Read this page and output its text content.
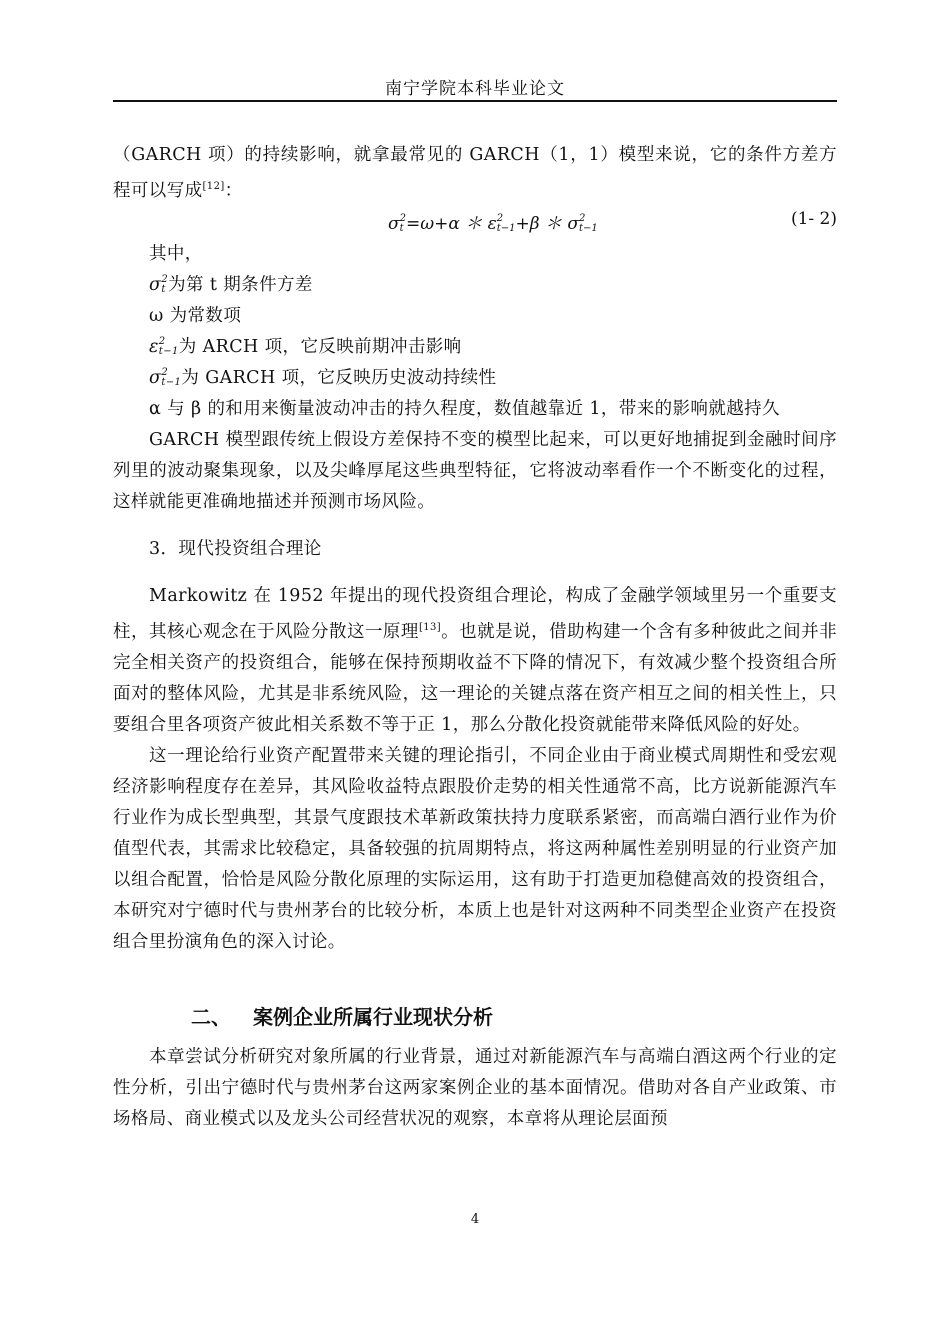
南宁学院本科毕业论文

（GARCH 项）的持续影响，就拿最常见的 GARCH（1，1）模型来说，它的条件方差方程可以写成[12]：

σ 2
t =ω+α ＊ ε 2
t−1 +β ＊ σ 2
t−1	(1- 2)

其中，

σ 2
t 为第 t 期条件方差

ω 为常数项

ε 2
t−1 为 ARCH 项，它反映前期冲击影响

σ 2
t−1 为 GARCH 项，它反映历史波动持续性

α 与 β 的和用来衡量波动冲击的持久程度，数值越靠近 1，带来的影响就越持久

GARCH 模型跟传统上假设方差保持不变的模型比起来，可以更好地捕捉到金融时间序列里的波动聚集现象，以及尖峰厚尾这些典型特征，它将波动率看作一个不断变化的过程，这样就能更准确地描述并预测市场风险。

3．现代投资组合理论

Markowitz 在 1952 年提出的现代投资组合理论，构成了金融学领域里另一个重要支柱，其核心观念在于风险分散这一原理[13]。也就是说，借助构建一个含有多种彼此之间并非完全相关资产的投资组合，能够在保持预期收益不下降的情况下，有效减少整个投资组合所面对的整体风险，尤其是非系统风险，这一理论的关键点落在资产相互之间的相关性上，只要组合里各项资产彼此相关系数不等于正 1，那么分散化投资就能带来降低风险的好处。

这一理论给行业资产配置带来关键的理论指引，不同企业由于商业模式周期性和受宏观经济影响程度存在差异，其风险收益特点跟股价走势的相关性通常不高，比方说新能源汽车行业作为成长型典型，其景气度跟技术革新政策扶持力度联系紧密，而高端白酒行业作为价值型代表，其需求比较稳定，具备较强的抗周期特点，将这两种属性差别明显的行业资产加以组合配置，恰恰是风险分散化原理的实际运用，这有助于打造更加稳健高效的投资组合，本研究对宁德时代与贵州茅台的比较分析，本质上也是针对这两种不同类型企业资产在投资组合里扮演角色的深入讨论。

二、 案例企业所属行业现状分析

本章尝试分析研究对象所属的行业背景，通过对新能源汽车与高端白酒这两个行业的定性分析，引出宁德时代与贵州茅台这两家案例企业的基本面情况。借助对各自产业政策、市场格局、商业模式以及龙头公司经营状况的观察，本章将从理论层面预

4
